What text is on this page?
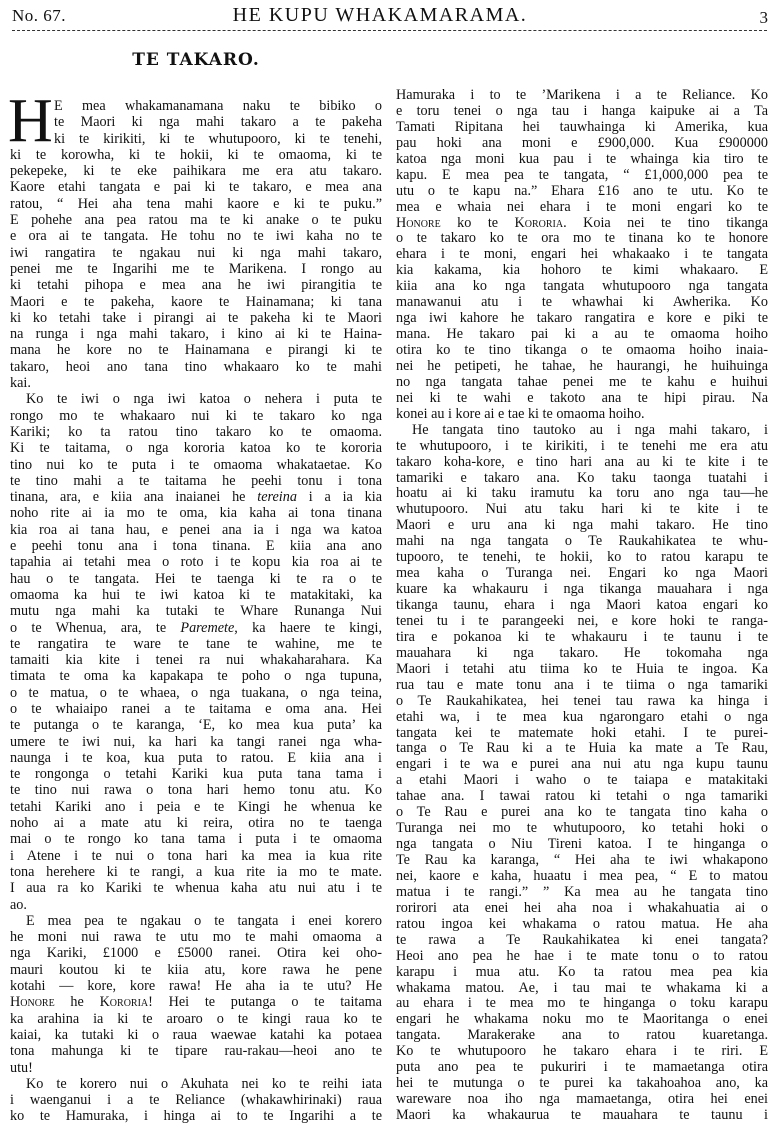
No. 67.	HE KUPU WHAKAMARAMA.	3
TE TAKARO.
H E mea whakamanamana naku te bibiko o
te Maori ki nga mahi takaro a te pakeha
ki te kirikiti, ki te whutupooro, ki te tenehi,
ki te korowha, ki te hokii, ki te omaoma, ki te
pekepeke, ki te eke paihikara me era atu takaro.
Kaore etahi tangata e pai ki te takaro, e mea ana
ratou, “ Hei aha tena mahi kaore e ki te puku.”
E pohehe ana pea ratou ma te ki anake o te puku
e ora ai te tangata. He tohu no te iwi kaha no te
iwi rangatira te ngakau nui ki nga mahi takaro,
penei me te Ingarihi me te Marikena. I rongo au
ki tetahi pihopa e mea ana he iwi pirangitia te
Maori e te pakeha, kaore te Hainamana; ki tana
ki ko tetahi take i pirangi ai te pakeha ki te Maori
na runga i nga mahi takaro, i kino ai ki te Haina-
mana he kore no te Hainamana e pirangi ki te
takaro, heoi ano tana tino whakaaro ko te mahi
kai.
Ko te iwi o nga iwi katoa o nehera i puta te
rongo mo te whakaaro nui ki te takaro ko nga
Kariki; ko ta ratou tino takaro ko te omaoma.
Ki te taitama, o nga kororia katoa ko te kororia
tino nui ko te puta i te omaoma whakataetae. Ko
te tino mahi a te taitama he peehi tonu i tona
tinana, ara, e kiia ana inaianei he tereina i a ia kia
noho rite ai ia mo te oma, kia kaha ai tona tinana
kia roa ai tana hau, e penei ana ia i nga wa katoa
e peehi tonu ana i tona tinana. E kiia ana ano
tapahia ai tetahi mea o roto i te kopu kia roa ai te
hau o te tangata. Hei te taenga ki te ra o te
omaoma ka hui te iwi katoa ki te matakitaki, ka
mutu nga mahi ka tutaki te Whare Runanga Nui
o te Whenua, ara, te Paremete, ka haere te kingi,
te rangatira te ware te tane te wahine, me te
tamaiti kia kite i tenei ra nui whakaharahara. Ka
timata te oma ka kapakapa te poho o nga tupuna,
o te matua, o te whaea, o nga tuakana, o nga teina,
o te whaiaipo ranei a te taitama e oma ana. Hei
te putanga o te karanga, ‘E, ko mea kua puta’ ka
umere te iwi nui, ka hari ka tangi ranei nga wha-
naunga i te koa, kua puta to ratou. E kiia ana i
te rongonga o tetahi Kariki kua puta tana tama i
te tino nui rawa o tona hari hemo tonu atu. Ko
tetahi Kariki ano i peia e te Kingi he whenua ke
noho ai a mate atu ki reira, otira no te taenga
mai o te rongo ko tana tama i puta i te omaoma
i Atene i te nui o tona hari ka mea ia kua rite
tona herehere ki te rangi, a kua rite ia mo te mate.
I aua ra ko Kariki te whenua kaha atu nui atu i te
ao.
E mea pea te ngakau o te tangata i enei korero
he moni nui rawa te utu mo te mahi omaoma a
nga Kariki, £1000 e £5000 ranei. Otira kei oho-
mauri koutou ki te kiia atu, kore rawa he pene
kotahi — kore, kore rawa! He aha ia te utu? He
Honore he Kororia! Hei te putanga o te taitama
ka arahina ia ki te aroaro o te kingi raua ko te
kaiai, ka tutaki ki o raua waewae katahi ka potaea
tona mahunga ki te tipare rau-rakau—heoi ano te
utu!
Ko te korero nui o Akuhata nei ko te reihi iata
i waenganui i a te Reliance (whakawhirinaki) raua
ko te Hamuraka, i hinga ai to te Ingarihi a te
Hamuraka i to te ’Marikena i a te Reliance. Ko
e toru tenei o nga tau i hanga kaipuke ai a Ta
Tamati Ripitana hei tauwhainga ki Amerika, kua
pau hoki ana moni e £900,000. Kua £900000
katoa nga moni kua pau i te whainga kia tiro te
kapu. E mea pea te tangata, “ £1,000,000 pea te
utu o te kapu na.” Ehara £16 ano te utu. Ko te
mea e whaia nei ehara i te moni engari ko te
Honore ko te Kororia. Koia nei te tino tikanga
o te takaro ko te ora mo te tinana ko te honore
ehara i te moni, engari hei whakaako i te tangata
kia kakama, kia hohoro te kimi whakaaro. E
kiia ana ko nga tangata whutupooro nga tangata
manawanui atu i te whawhai ki Awherika. Ko
nga iwi kahore he takaro rangatira e kore e piki te
mana. He takaro pai ki a au te omaoma hoiho
otira ko te tino tikanga o te omaoma hoiho inaia-
nei he petipeti, he tahae, he haurangi, he huihuinga
no nga tangata tahae penei me te kahu e huihui
nei ki te wahi e takoto ana te hipi pirau. Na
konei au i kore ai e tae ki te omaoma hoiho.
He tangata tino tautoko au i nga mahi takaro, i
te whutupooro, i te kirikiti, i te tenehi me era atu
takaro koha-kore, e tino hari ana au ki te kite i te
tamariki e takaro ana. Ko taku taonga tuatahi i
hoatu ai ki taku iramutu ka toru ano nga tau—he
whutupooro. Nui atu taku hari ki te kite i te
Maori e uru ana ki nga mahi takaro. He tino
mahi na nga tangata o Te Raukahikatea te whu-
tupooro, te tenehi, te hokii, ko to ratou karapu te
mea kaha o Turanga nei. Engari ko nga Maori
kuare ka whakauru i nga tikanga mauahara i nga
tikanga taunu, ehara i nga Maori katoa engari ko
tenei tu i te parangeeki nei, e kore hoki te ranga-
tira e pokanoa ki te whakauru i te taunu i te
mauahara ki nga takaro. He tokomaha nga
Maori i tetahi atu tiima ko te Huia te ingoa. Ka
rua tau e mate tonu ana i te tiima o nga tamariki
o Te Raukahikatea, hei tenei tau rawa ka hinga i
etahi wa, i te mea kua ngarongaro etahi o nga
tangata kei te matemate hoki etahi. I te purei-
tanga o Te Rau ki a te Huia ka mate a Te Rau,
engari i te wa e purei ana nui atu nga kupu taunu
a etahi Maori i waho o te taiapa e matakitaki
tahae ana. I tawai ratou ki tetahi o nga tamariki
o Te Rau e purei ana ko te tangata tino kaha o
Turanga nei mo te whutupooro, ko tetahi hoki o
nga tangata o Niu Tireni katoa. I te hinganga o
Te Rau ka karanga, “ Hei aha te iwi whakapono
nei, kaore e kaha, huaatu i mea pea, “ E to matou
matua i te rangi.” ” Ka mea au he tangata tino
rorirori ata enei hei aha noa i whakahuatia ai o
ratou ingoa kei whakama o ratou matua. He aha
te rawa a Te Raukahikatea ki enei tangata?
Heoi ano pea he hae i te mate tonu o to ratou
karapu i mua atu. Ko ta ratou mea pea kia
whakama matou. Ae, i tau mai te whakama ki a
au ehara i te mea mo te hinganga o toku karapu
engari he whakama noku mo te Maoritanga o enei
tangata. Marakerake ana to ratou kuaretanga.
Ko te whutupooro he takaro ehara i te riri. E
puta ano pea te pukuriri i te mamaetanga otira
hei te mutunga o te purei ka takahoahoa ano, ka
wareware noa iho nga mamaetanga, otira hei enei
Maori ka whakaurua te mauahara te taunu i
